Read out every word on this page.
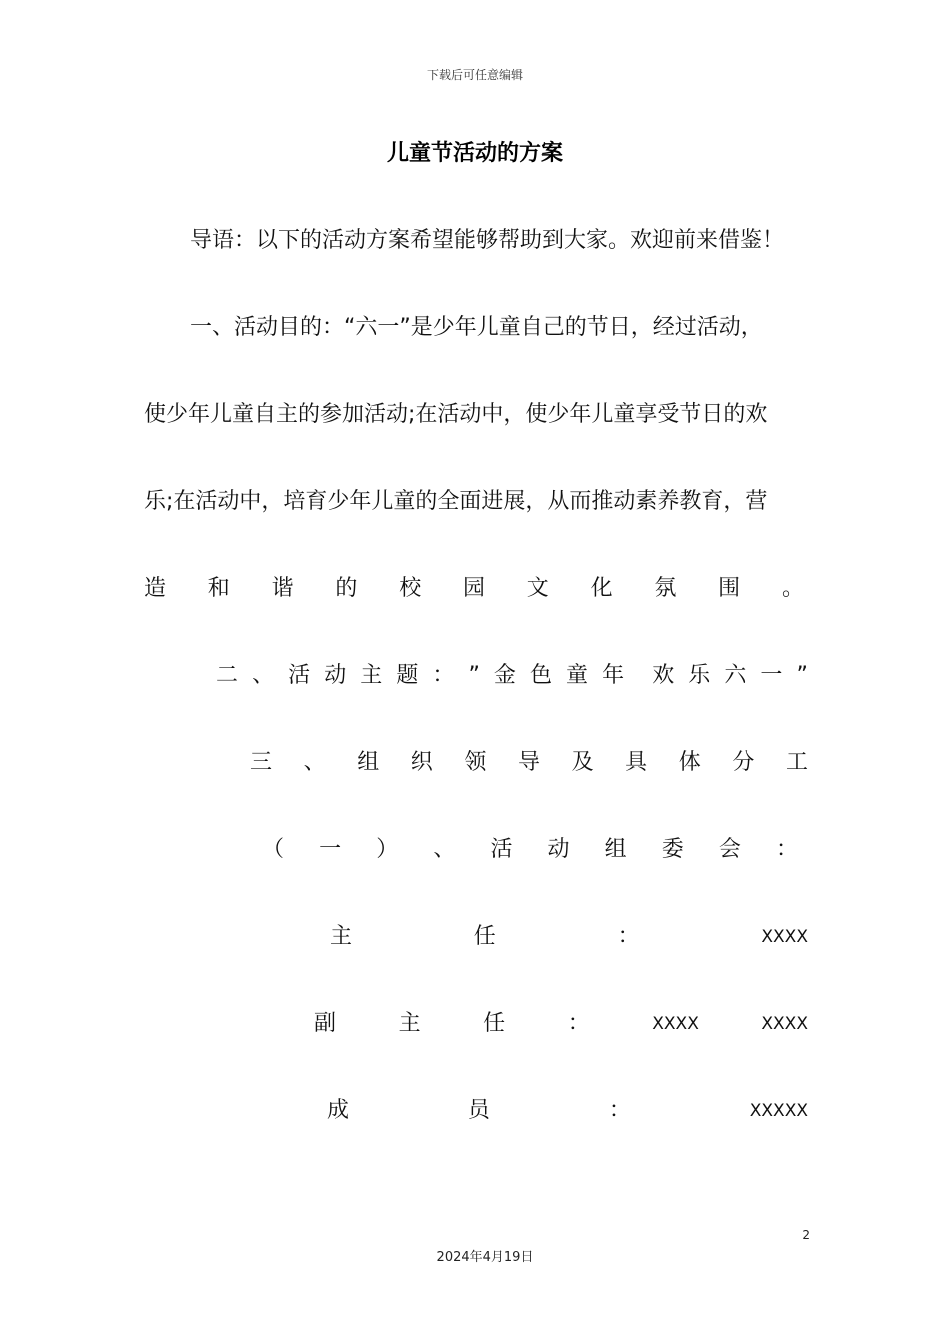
下载后可任意编辑
儿童节活动的方案
导语：以下的活动方案希望能够帮助到大家。欢迎前来借鉴！
一、活动目的：“六一”是少年儿童自己的节日，经过活动，
使少年儿童自主的参加活动;在活动中，使少年儿童享受节日的欢
乐;在活动中，培育少年儿童的全面进展，从而推动素养教育，营
造 和 谐 的 校 园 文 化 氛 围 。
二 、 活 动 主 题 ： ” 金 色 童 年 欢 乐 六 一 ”
三 、 组 织 领 导 及 具 体 分 工
（ 一 ） 、 活 动 组 委 会 ：
主	任	：	XXXX
副	主	任	：	XXXX	XXXX
成	员	：	XXXXX
2
2024年4月19日
